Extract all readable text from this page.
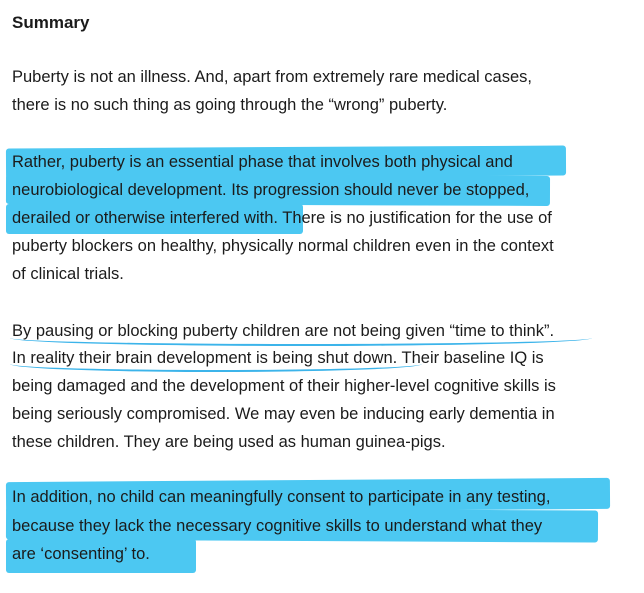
Summary
Puberty is not an illness. And, apart from extremely rare medical cases,
there is no such thing as going through the “wrong” puberty.
Rather, puberty is an essential phase that involves both physical and
neurobiological development. Its progression should never be stopped,
derailed or otherwise interfered with. There is no justification for the use of
puberty blockers on healthy, physically normal children even in the context
of clinical trials.
By pausing or blocking puberty children are not being given “time to think”.
In reality their brain development is being shut down. Their baseline IQ is
being damaged and the development of their higher-level cognitive skills is
being seriously compromised. We may even be inducing early dementia in
these children. They are being used as human guinea-pigs.
In addition, no child can meaningfully consent to participate in any testing,
because they lack the necessary cognitive skills to understand what they
are ‘consenting’ to.
